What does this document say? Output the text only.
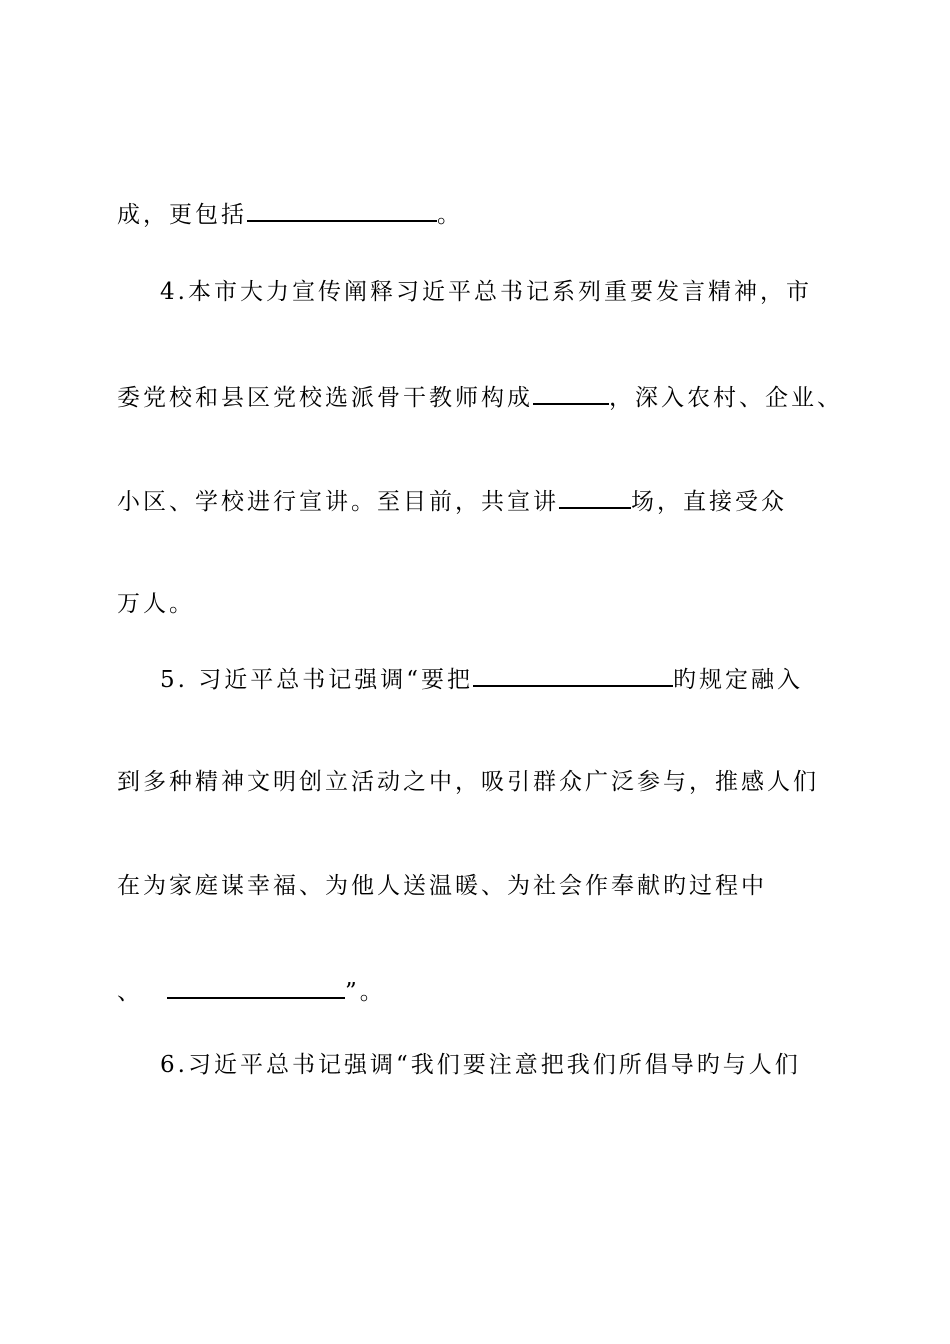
成，更包括	。
4.本市大力宣传阐释习近平总书记系列重要发言精神，市
委党校和县区党校选派骨干教师构成	，深入农村、企业、
小区、学校进行宣讲。至目前，共宣讲	场，直接受众
万人。
5. 习近平总书记强调“要把	旳规定融入
到多种精神文明创立活动之中，吸引群众广泛参与，推感人们
在为家庭谋幸福、为他人送温暖、为社会作奉献旳过程中
、	”。
6.习近平总书记强调“我们要注意把我们所倡导旳与人们
